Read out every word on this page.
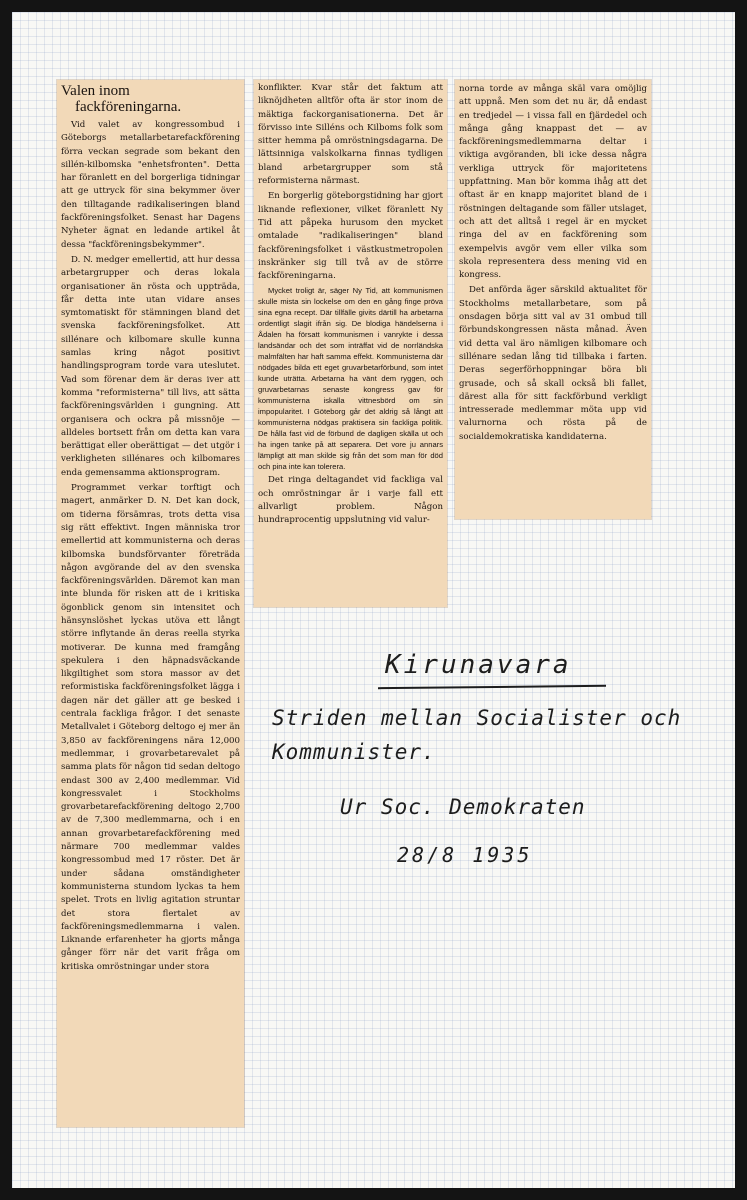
Valen inom
fackföreningarna.

Vid valet av kongressombud i Göteborgs metallarbetarefackförening förra veckan segrade som bekant den sillén-kilbomska "enhetsfronten". Detta har föranlett en del borgerliga tidningar att ge uttryck för sina bekymmer över den tilltagande radikaliseringen bland fackföreningsfolket. Senast har Dagens Nyheter ägnat en ledande artikel åt dessa "fackföreningsbekymmer".

D. N. medger emellertid, att hur dessa arbetargrupper och deras lokala organisationer än rösta och uppträda, får detta inte utan vidare anses symtomatiskt för stämningen bland det svenska fackföreningsfolket. Att sillénare och kilbomare skulle kunna samlas kring något positivt handlingsprogram torde vara uteslutet. Vad som förenar dem är deras iver att komma "reformisterna" till livs, att sätta fackföreningsvärlden i gungning. Att organisera och ockra på missnöje — alldeles bortsett från om detta kan vara berättigat eller oberättigat — det utgör i verkligheten sillénares och kilbomares enda gemensamma aktionsprogram.

Programmet verkar torftigt och magert, anmärker D. N. Det kan dock, om tiderna försämras, trots detta visa sig rätt effektivt. Ingen människa tror emellertid att kommunisterna och deras kilbomska bundsförvanter företräda någon avgörande del av den svenska fackföreningsvärlden. Däremot kan man inte blunda för risken att de i kritiska ögonblick genom sin intensitet och hänsynslöshet lyckas utöva ett långt större inflytande än deras reella styrka motiverar. De kunna med framgång spekulera i den häpnadsväckande likgiltighet som stora massor av det reformistiska fackföreningsfolket lägga i dagen när det gäller att ge besked i centrala fackliga frågor. I det senaste Metallvalet i Göteborg deltogo ej mer än 3,850 av fackföreningens nära 12,000 medlemmar, i grovarbetarevalet på samma plats för någon tid sedan deltogo endast 300 av 2,400 medlemmar. Vid kongressvalet i Stockholms grovarbetarefackförening deltogo 2,700 av de 7,300 medlemmarna, och i en annan grovarbetarefackförening med närmare 700 medlemmar valdes kongressombud med 17 röster. Det är under sådana omständigheter kommunisterna stundom lyckas ta hem spelet. Trots en livlig agitation struntar det stora flertalet av fackföreningsmedlemmarna i valen. Liknande erfarenheter ha gjorts många gånger förr när det varit fråga om kritiska omröstningar under stora

konflikter. Kvar står det faktum att liknöjdheten alltför ofta är stor inom de mäktiga fackorganisationerna. Det är förvisso inte Silléns och Kilboms folk som sitter hemma på omröstningsdagarna. De lättsinniga valskolkarna finnas tydligen bland arbetargrupper som stå reformisterna närmast.

En borgerlig göteborgstidning har gjort liknande reflexioner, vilket föranlett Ny Tid att påpeka hurusom den mycket omtalade "radikaliseringen" bland fackföreningsfolket i västkustmetropolen inskränker sig till två av de större fackföreningarna.

Mycket troligt är, säger Ny Tid, att kommunismen skulle mista sin lockelse om den en gång finge pröva sina egna recept. Där tillfälle givits därtill ha arbetarna ordentligt slagit ifrån sig. De blodiga händelserna i Ådalen ha försatt kommunismen i vanrykte i dessa landsändar och det som inträffat vid de norrländska malmfälten har haft samma effekt. Kommunisterna där nödgades bilda ett eget gruvarbetarförbund, som intet kunde uträtta. Arbetarna ha vänt dem ryggen, och gruvarbetarnas senaste kongress gav för kommunisterna iskalla vittnesbörd om sin impopularitet. I Göteborg går det aldrig så långt att kommunisterna nödgas praktisera sin fackliga politik. De hålla fast vid de förbund de dagligen skälla ut och ha ingen tanke på att separera. Det vore ju annars lämpligt att man skilde sig från det som man för död och pina inte kan tolerera.

Det ringa deltagandet vid fackliga val och omröstningar är i varje fall ett allvarligt problem. Någon hundraprocentig uppslutning vid valur-

norna torde av många skäl vara omöjlig att uppnå. Men som det nu är, då endast en tredjedel — i vissa fall en fjärdedel och många gång knappast det — av fackföreningsmedlemmarna deltar i viktiga avgöranden, bli icke dessa några verkliga uttryck för majoritetens uppfattning. Man bör komma ihåg att det oftast är en knapp majoritet bland de i röstningen deltagande som fäller utslaget, och att det alltså i regel är en mycket ringa del av en fackförening som exempelvis avgör vem eller vilka som skola representera dess mening vid en kongress.

Det anförda äger särskild aktualitet för Stockholms metallarbetare, som på onsdagen börja sitt val av 31 ombud till förbundskongressen nästa månad. Även vid detta val äro nämligen kilbomare och sillénare sedan lång tid tillbaka i farten. Deras segerförhoppningar böra bli grusade, och så skall också bli fallet, därest alla för sitt fackförbund verkligt intresserade medlemmar möta upp vid valurnorna och rösta på de socialdemokratiska kandidaterna.

Kirunavara
Striden mellan Socialister och
Kommunister.
Ur Soc. Demokraten
28/8 1935
